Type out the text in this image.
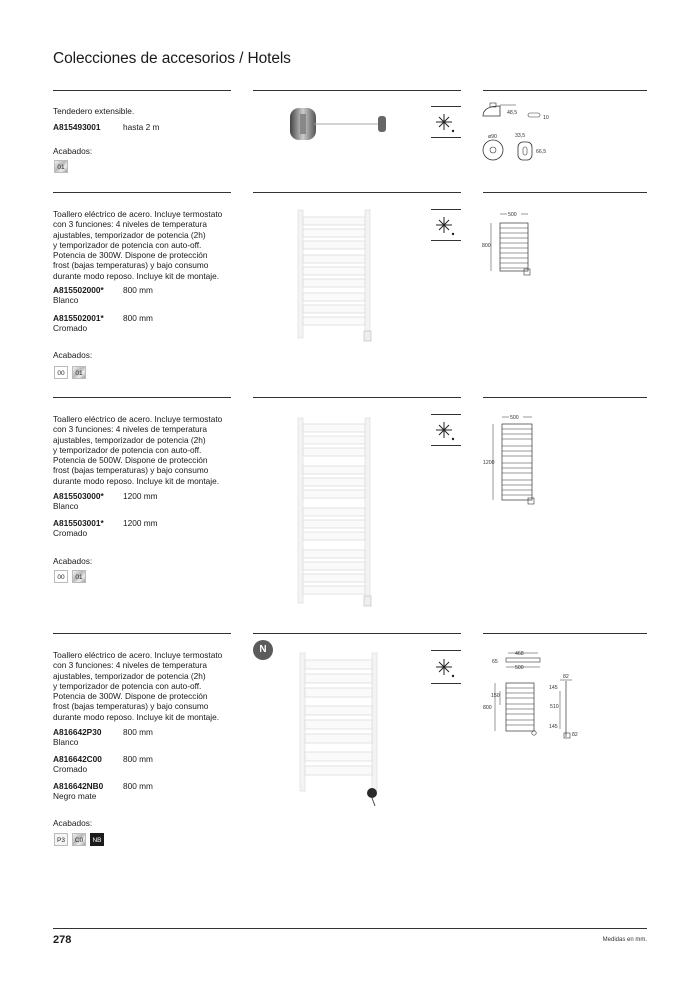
Colecciones de accesorios / Hotels
Tendedero extensible.
A815493001	hasta 2 m
Acabados:
01
48,5
10
ø90	33,5
66,5
Toallero eléctrico de acero. Incluye termostato
con 3 funciones: 4 niveles de temperatura
ajustables, temporizador de potencia (2h)
y temporizador de potencia con auto-off.
Potencia de 300W. Dispone de protección
frost (bajas temperaturas) y bajo consumo
durante modo reposo. Incluye kit de montaje.
A815502000* 800 mm
Blanco
A815502001* 800 mm
Cromado
Acabados:
00	01
500
800
Toallero eléctrico de acero. Incluye termostato
con 3 funciones: 4 niveles de temperatura
ajustables, temporizador de potencia (2h)
y temporizador de potencia con auto-off.
Potencia de 500W. Dispone de protección
frost (bajas temperaturas) y bajo consumo
durante modo reposo. Incluye kit de montaje.
A815503000* 1200 mm
Blanco
A815503001* 1200 mm
Cromado
Acabados:
00	01
500
1200
Toallero eléctrico de acero. Incluye termostato
con 3 funciones: 4 niveles de temperatura
ajustables, temporizador de potencia (2h)
y temporizador de potencia con auto-off.
Potencia de 300W. Dispone de protección
frost (bajas temperaturas) y bajo consumo
durante modo reposo. Incluye kit de montaje.
A816642P30	800 mm
Blanco
A816642C00	800 mm
Cromado
A816642NB0 800 mm
Negro mate
Acabados:
P3	C0	NB
N	468
65
500
150
800
82
145
510
145
82
278	Medidas en mm.
